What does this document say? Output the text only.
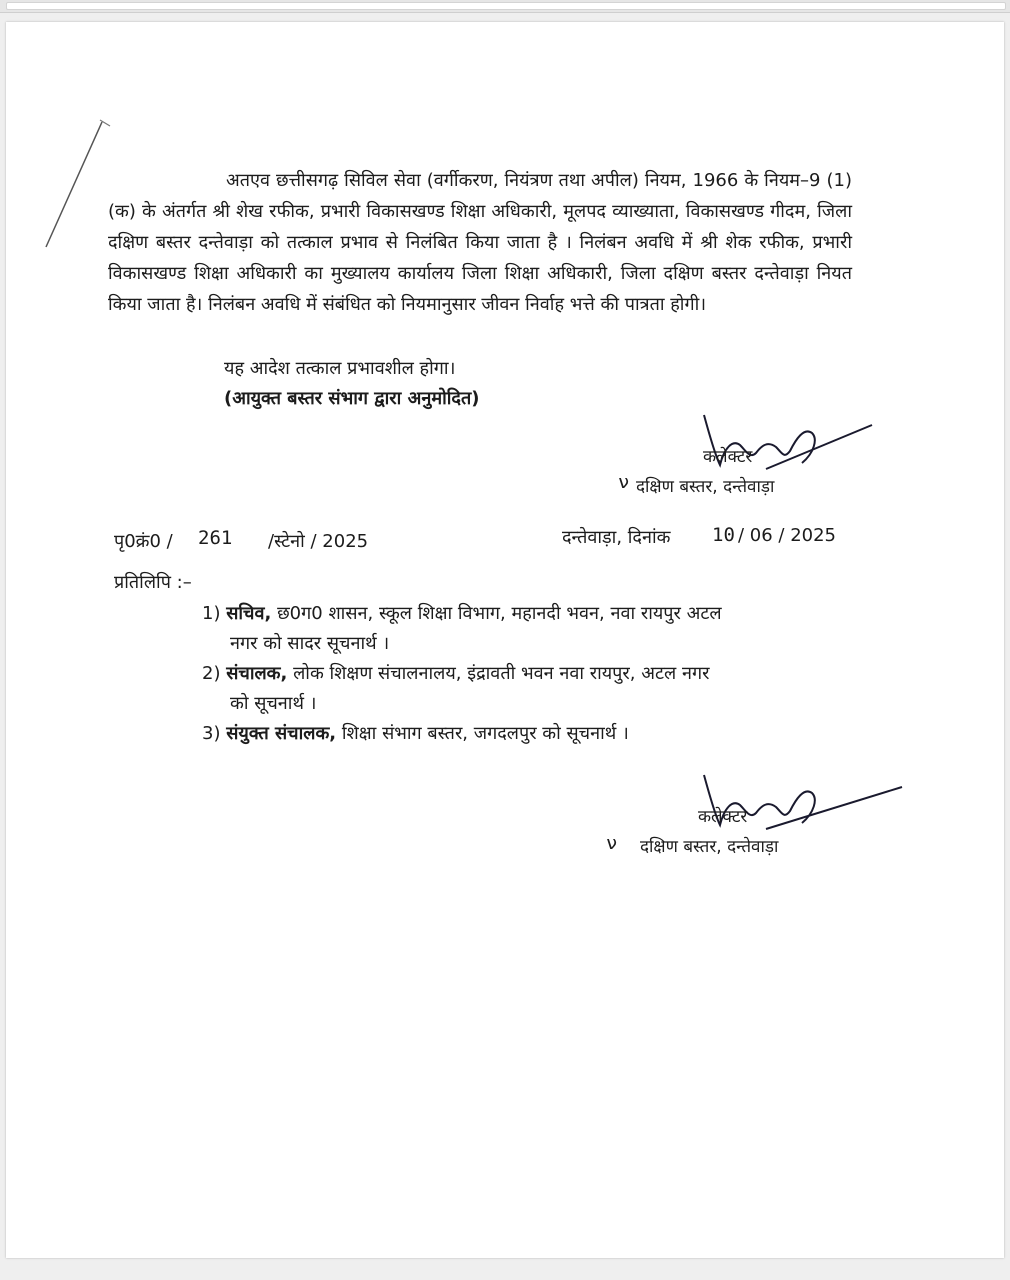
अतएव छत्तीसगढ़ सिविल सेवा (वर्गीकरण, नियंत्रण तथा अपील) नियम, 1966 के नियम–9 (1) (क) के अंतर्गत श्री शेख रफीक, प्रभारी विकासखण्ड शिक्षा अधिकारी, मूलपद व्याख्याता, विकासखण्ड गीदम, जिला दक्षिण बस्तर दन्तेवाड़ा को तत्काल प्रभाव से निलंबित किया जाता है । निलंबन अवधि में श्री शेक रफीक, प्रभारी विकासखण्ड शिक्षा अधिकारी का मुख्यालय कार्यालय जिला शिक्षा अधिकारी, जिला दक्षिण बस्तर दन्तेवाड़ा नियत किया जाता है। निलंबन अवधि में संबंधित को नियमानुसार जीवन निर्वाह भत्ते की पात्रता होगी।
यह आदेश तत्काल प्रभावशील होगा।
(आयुक्त बस्तर संभाग द्वारा अनुमोदित)
कलेक्टर
ν दक्षिण बस्तर, दन्तेवाड़ा
पृ0क्रं0 / 261 /स्टेनो / 2025	दन्तेवाड़ा, दिनांक 10 / 06 / 2025
प्रतिलिपि :–
1) सचिव, छ0ग0 शासन, स्कूल शिक्षा विभाग, महानदी भवन, नवा रायपुर अटल
नगर को सादर सूचनार्थ ।
2) संचालक, लोक शिक्षण संचालनालय, इंद्रावती भवन नवा रायपुर, अटल नगर
को सूचनार्थ ।
3) संयुक्त संचालक, शिक्षा संभाग बस्तर, जगदलपुर को सूचनार्थ ।
कलेक्टर
ν दक्षिण बस्तर, दन्तेवाड़ा
